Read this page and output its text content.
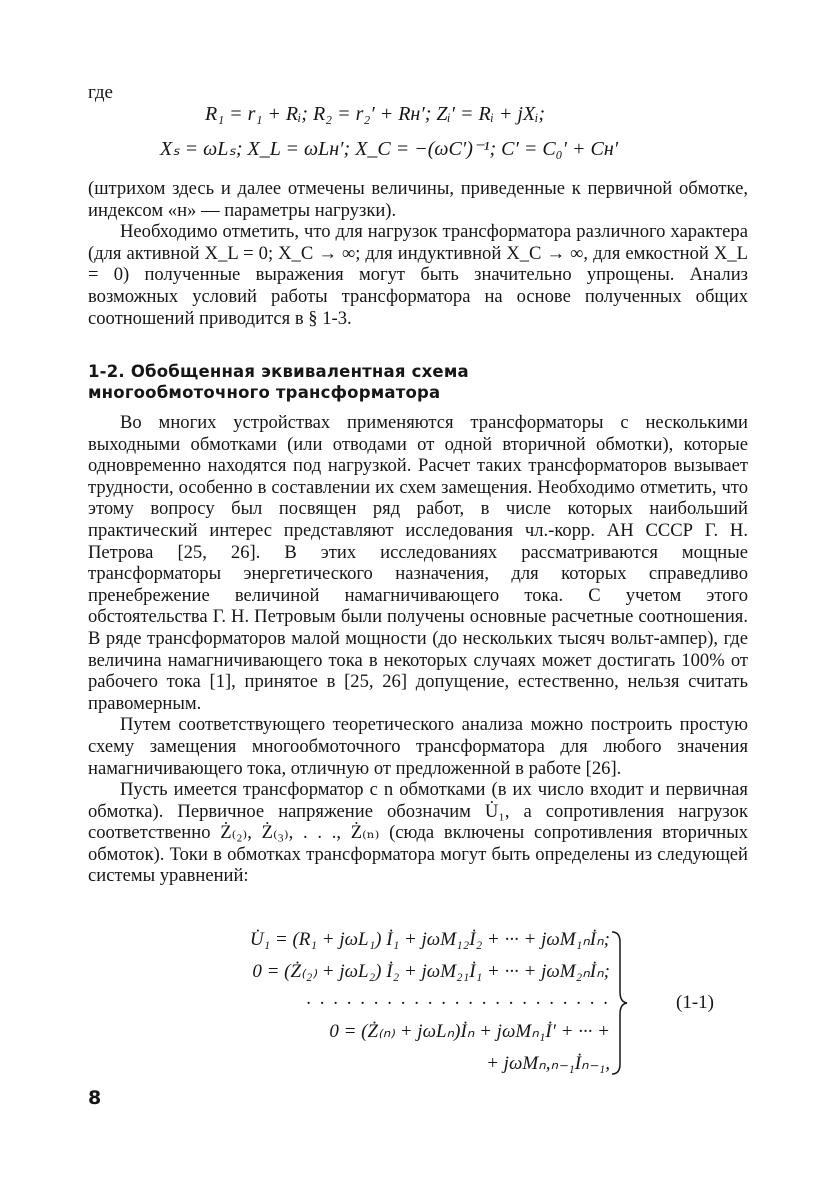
где
R₁ = r₁ + Rᵢ; R₂ = r₂′ + Rн′; Zᵢ′ = Rᵢ + jXᵢ;
Xₛ = ωLₛ; X_L = ωLн′; X_C = −(ωC′)⁻¹; C′ = C₀′ + Cн′

(штрихом здесь и далее отмечены величины, приведенные к первичной обмотке, индексом «н» — параметры нагрузки).

Необходимо отметить, что для нагрузок трансформатора различного характера (для активной X_L = 0; X_C → ∞; для индуктивной X_C → ∞, для емкостной X_L = 0) полученные выражения могут быть значительно упрощены. Анализ возможных условий работы трансформатора на основе полученных общих соотношений приводится в § 1-3.

1-2. Обобщенная эквивалентная схема
многообмоточного трансформатора

Во многих устройствах применяются трансформаторы с несколькими выходными обмотками (или отводами от одной вторичной обмотки), которые одновременно находятся под нагрузкой. Расчет таких трансформаторов вызывает трудности, особенно в составлении их схем замещения. Необходимо отметить, что этому вопросу был посвящен ряд работ, в числе которых наибольший практический интерес представляют исследования чл.-корр. АН СССР Г. Н. Петрова [25, 26]. В этих исследованиях рассматриваются мощные трансформаторы энергетического назначения, для которых справедливо пренебрежение величиной намагничивающего тока. С учетом этого обстоятельства Г. Н. Петровым были получены основные расчетные соотношения. В ряде трансформаторов малой мощности (до нескольких тысяч вольт-ампер), где величина намагничивающего тока в некоторых случаях может достигать 100% от рабочего тока [1], принятое в [25, 26] допущение, естественно, нельзя считать правомерным.

Путем соответствующего теоретического анализа можно построить простую схему замещения многообмоточного трансформатора для любого значения намагничивающего тока, отличную от предложенной в работе [26].

Пусть имеется трансформатор с n обмотками (в их число входит и первичная обмотка). Первичное напряжение обозначим U̇₁, а сопротивления нагрузок соответственно Ż₍₂₎, Ż₍₃₎, . . ., Ż₍ₙ₎ (сюда включены сопротивления вторичных обмоток). Токи в обмотках трансформатора могут быть определены из следующей системы уравнений:

U̇₁ = (R₁ + jωL₁) İ₁ + jωM₁₂İ₂ + ··· + jωM₁ₙİₙ;
0 = (Ż₍₂₎ + jωL₂) İ₂ + jωM₂₁İ₁ + ··· + jωM₂ₙİₙ;
. . . . . . . . . . . . . . . . . . . . . . .
0 = (Ż₍ₙ₎ + jωLₙ)İₙ + jωMₙ₁İ′ + ··· +
+ jωMₙ,ₙ₋₁İₙ₋₁,
(1-1)
8
